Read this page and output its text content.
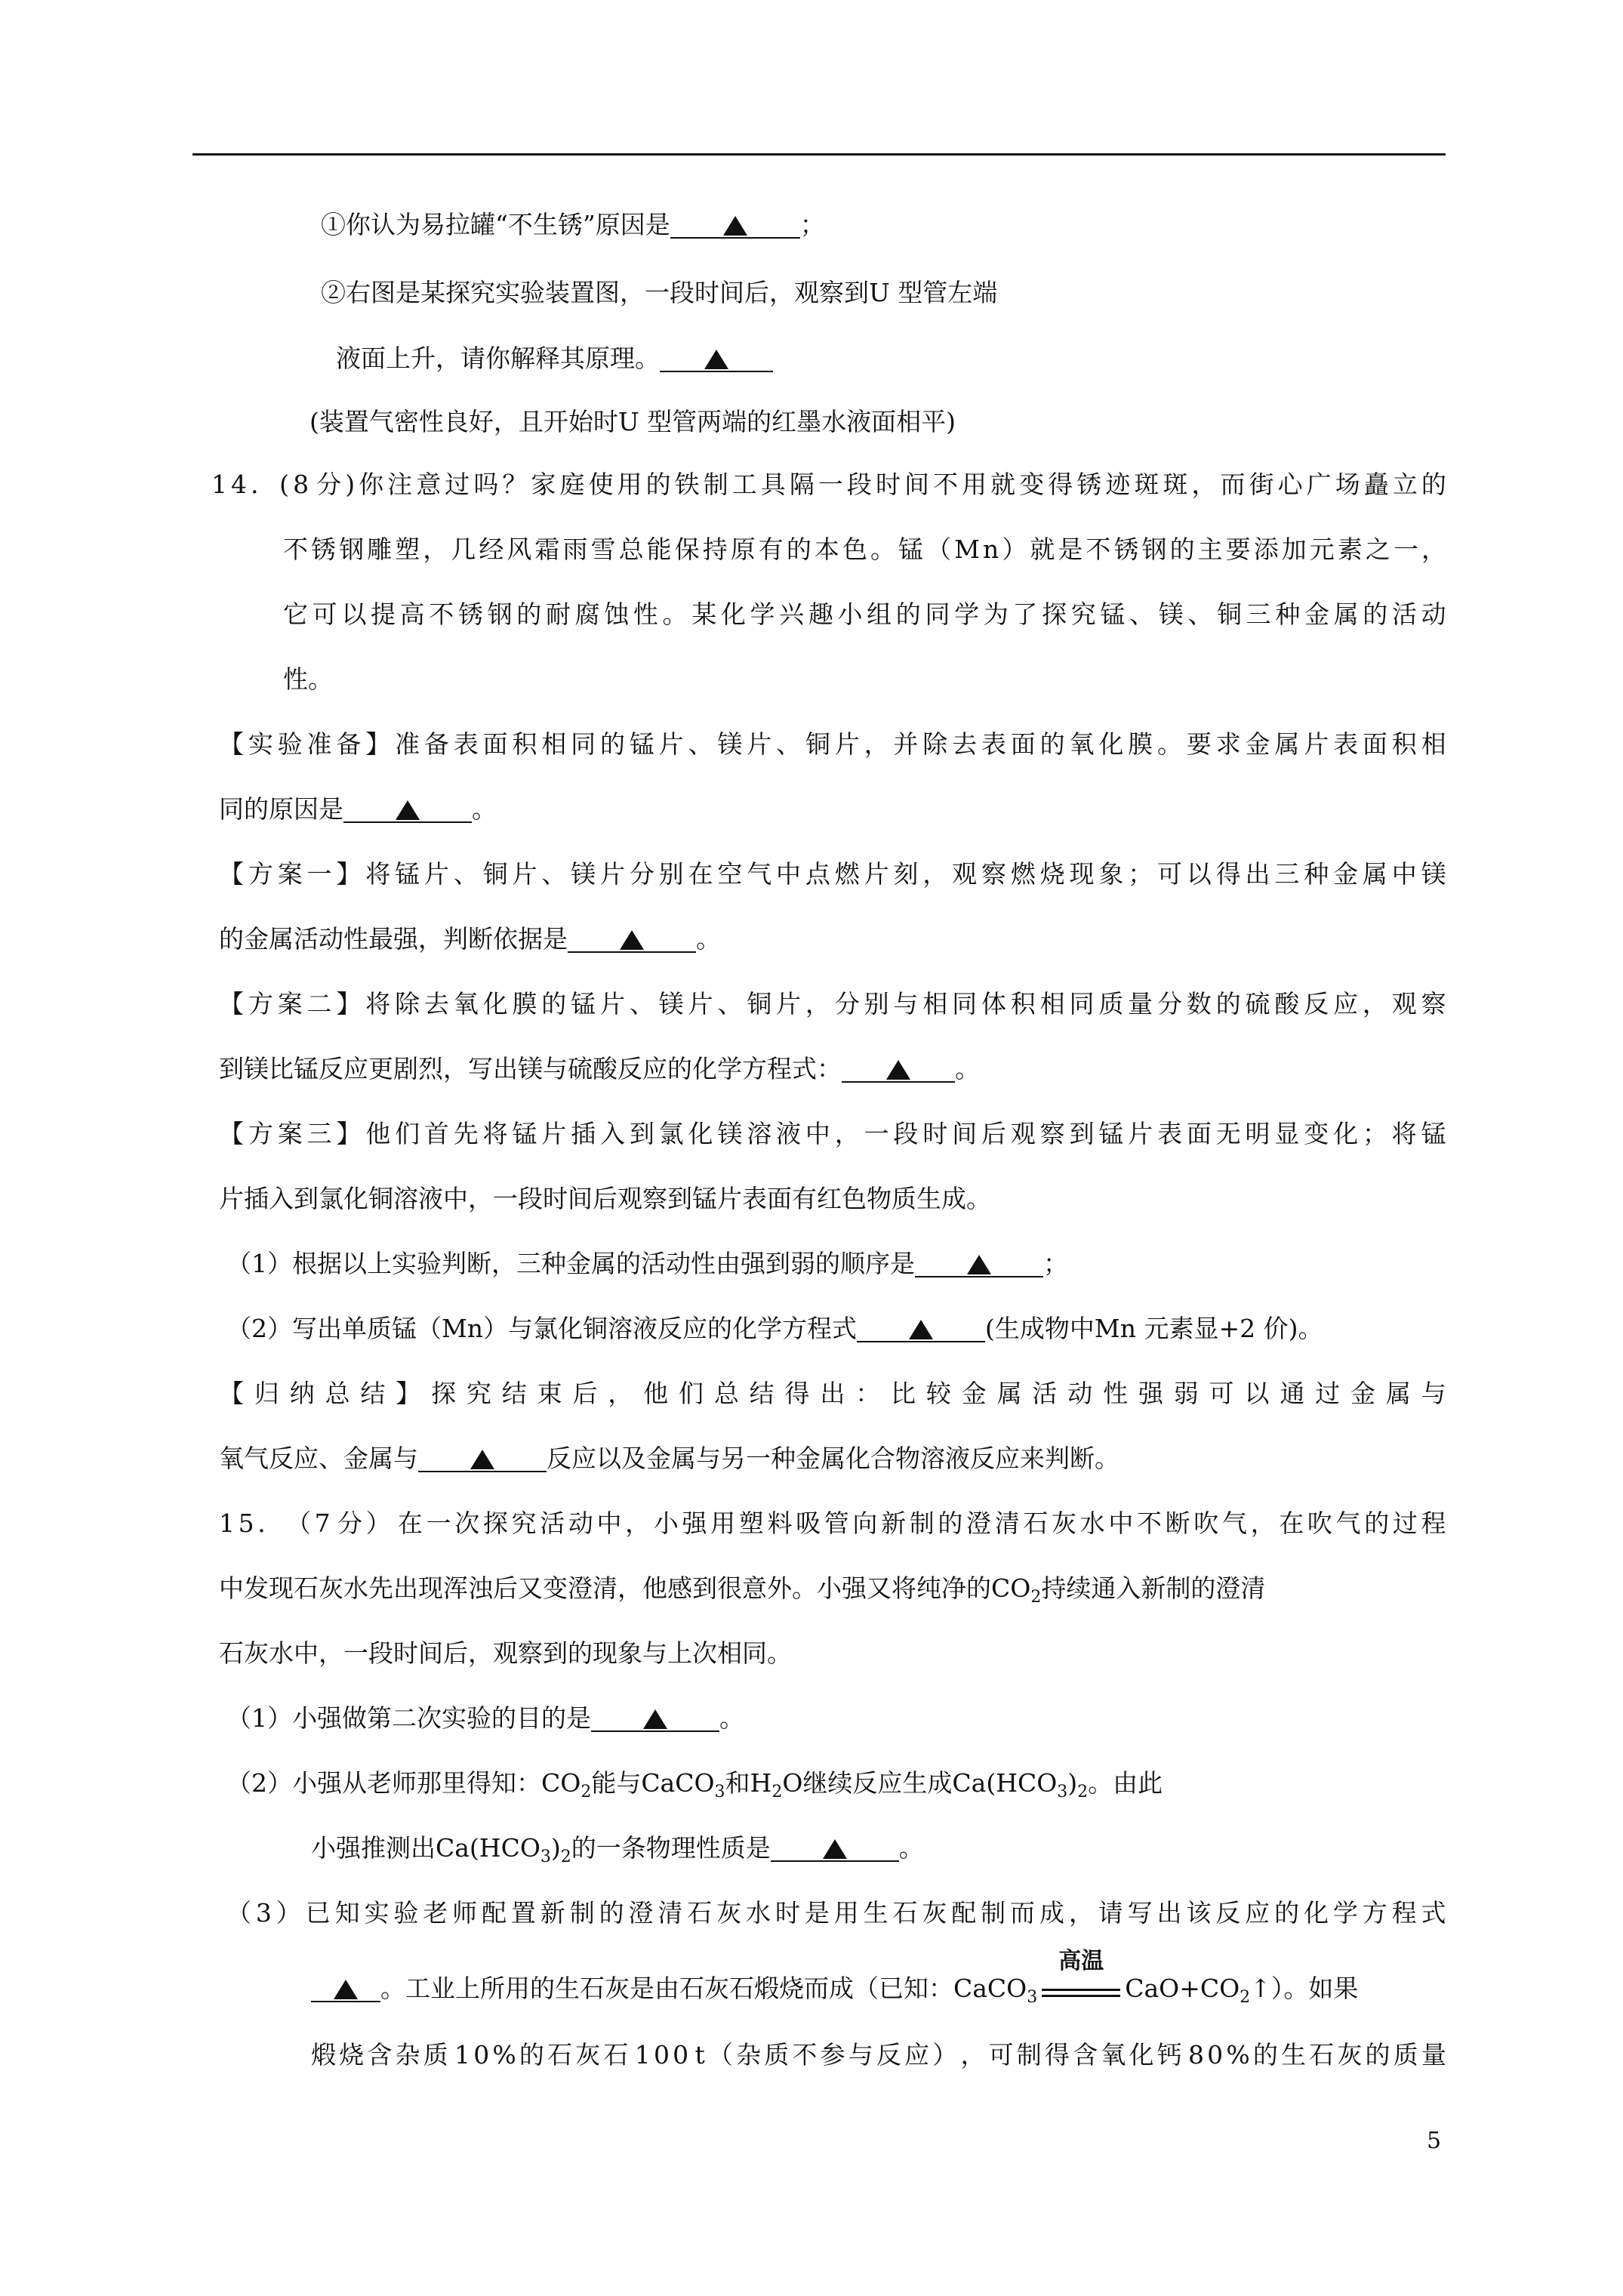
①你认为易拉罐“不生锈”原因是	；
②右图是某探究实验装置图，一段时间后，观察到U 型管左端
液面上升，请你解释其原理。
(装置气密性良好，且开始时U 型管两端的红墨水液面相平)
1 4 ． ( 8 分 ) 你 注 意 过 吗 ？ 家 庭 使 用 的 铁 制 工 具 隔 一 段 时 间 不 用 就 变 得 锈 迹 斑 斑 ， 而 街 心 广 场 矗 立 的
不 锈 钢 雕 塑 ， 几 经 风 霜 雨 雪 总 能 保 持 原 有 的 本 色 。 锰 （ M n ） 就 是 不 锈 钢 的 主 要 添 加 元 素 之 一 ，
它 可 以 提 高 不 锈 钢 的 耐 腐 蚀 性 。 某 化 学 兴 趣 小 组 的 同 学 为 了 探 究 锰 、 镁 、 铜 三 种 金 属 的 活 动
性。
【 实 验 准 备 】 准 备 表 面 积 相 同 的 锰 片 、 镁 片 、 铜 片 ， 并 除 去 表 面 的 氧 化 膜 。 要 求 金 属 片 表 面 积 相
同的原因是	。
【 方 案 一 】 将 锰 片 、 铜 片 、 镁 片 分 别 在 空 气 中 点 燃 片 刻 ， 观 察 燃 烧 现 象 ； 可 以 得 出 三 种 金 属 中 镁
的金属活动性最强，判断依据是	。
【 方 案 二 】 将 除 去 氧 化 膜 的 锰 片 、 镁 片 、 铜 片 ， 分 别 与 相 同 体 积 相 同 质 量 分 数 的 硫 酸 反 应 ， 观 察
到镁比锰反应更剧烈，写出镁与硫酸反应的化学方程式：	。
【 方 案 三 】 他 们 首 先 将 锰 片 插 入 到 氯 化 镁 溶 液 中 ， 一 段 时 间 后 观 察 到 锰 片 表 面 无 明 显 变 化 ； 将 锰
片插入到氯化铜溶液中，一段时间后观察到锰片表面有红色物质生成。
（1）根据以上实验判断，三种金属的活动性由强到弱的顺序是	；
（2）写出单质锰（Mn）与氯化铜溶液反应的化学方程式	(生成物中Mn 元素显+2 价)。
【 归 纳 总 结 】 探 究 结 束 后 ， 他 们 总 结 得 出 ： 比 较 金 属 活 动 性 强 弱 可 以 通 过 金 属 与
氧气反应、金属与	反应以及金属与另一种金属化合物溶液反应来判断。
1 5 ． （ 7 分 ） 在 一 次 探 究 活 动 中 ， 小 强 用 塑 料 吸 管 向 新 制 的 澄 清 石 灰 水 中 不 断 吹 气 ， 在 吹 气 的 过 程
中发现石灰水先出现浑浊后又变澄清，他感到很意外。小强又将纯净的$CO_2$持续通入新制的澄清
石灰水中，一段时间后，观察到的现象与上次相同。
（1）小强做第二次实验的目的是	。
（2）小强从老师那里得知：$CO_2$能与CaCO$_3$和$H_2O$继续反应生成$Ca(HCO_3)_2$。由此
小强推测出$Ca(HCO_3)_2$的一条物理性质是	。
（ 3 ） 已 知 实 验 老 师 配 置 新 制 的 澄 清 石 灰 水 时 是 用 生 石 灰 配 制 而 成 ， 请 写 出 该 反 应 的 化 学 方 程 式
。工业上所用的生石灰是由石灰石煅烧而成（已知：CaCO$_3$
高温
$CaO+CO_2↑$）。如果
煅 烧 含 杂 质 1 0 % 的 石 灰 石 1 0 0 t （ 杂 质 不 参 与 反 应 ） ， 可 制 得 含 氧 化 钙 8 0 % 的 生 石 灰 的 质 量
5
